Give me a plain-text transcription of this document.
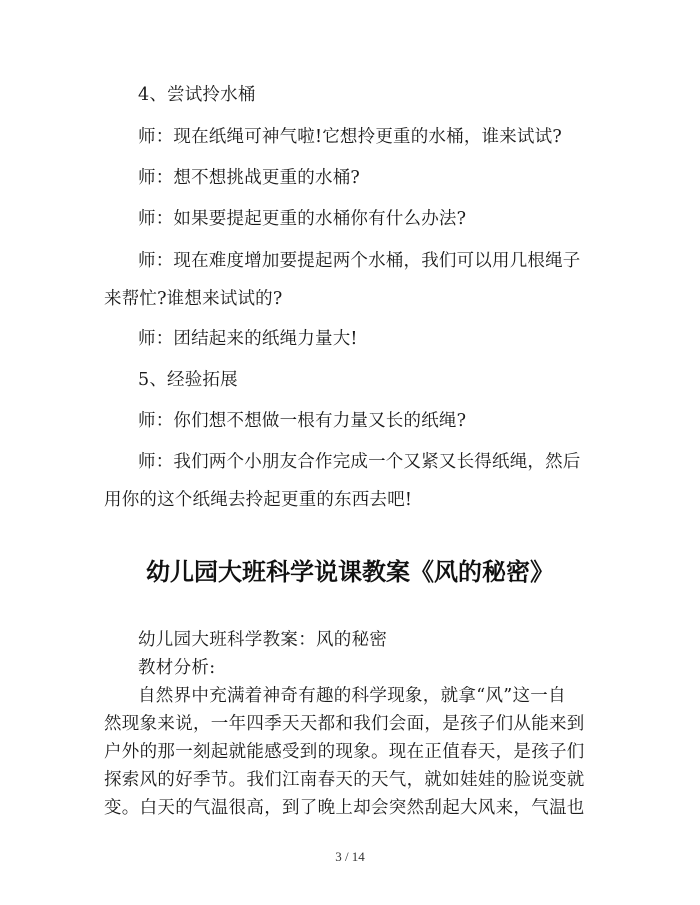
4、尝试拎水桶
师：现在纸绳可神气啦!它想拎更重的水桶，谁来试试?
师：想不想挑战更重的水桶?
师：如果要提起更重的水桶你有什么办法?
师：现在难度增加要提起两个水桶，我们可以用几根绳子
来帮忙?谁想来试试的?
师：团结起来的纸绳力量大!
5、经验拓展
师：你们想不想做一根有力量又长的纸绳?
师：我们两个小朋友合作完成一个又紧又长得纸绳，然后
用你的这个纸绳去拎起更重的东西去吧!
幼儿园大班科学说课教案《风的秘密》
幼儿园大班科学教案：风的秘密
教材分析:
自然界中充满着神奇有趣的科学现象，就拿“风”这一自
然现象来说，一年四季天天都和我们会面，是孩子们从能来到
户外的那一刻起就能感受到的现象。现在正值春天，是孩子们
探索风的好季节。我们江南春天的天气，就如娃娃的脸说变就
变。白天的气温很高，到了晚上却会突然刮起大风来，气温也
3 / 14
